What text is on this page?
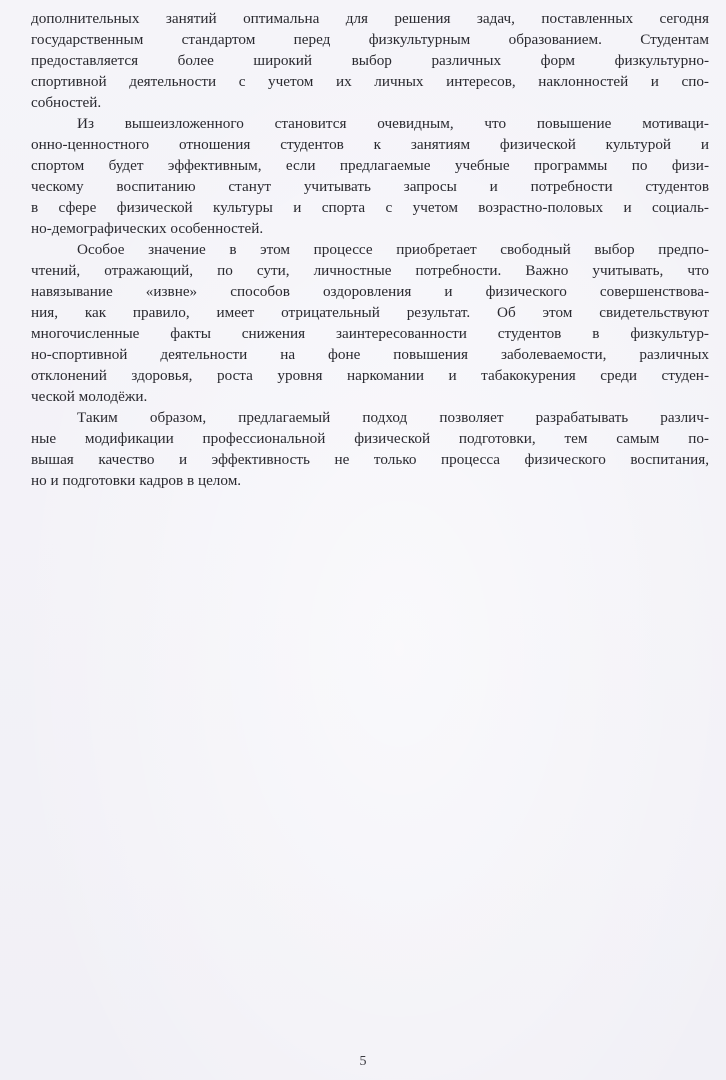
дополнительных занятий оптимальна для решения задач, поставленных сегодня
государственным стандартом перед физкультурным образованием. Студентам
предоставляется более широкий выбор различных форм физкультурно-
спортивной деятельности с учетом их личных интересов, наклонностей и спо-
собностей.
Из вышеизложенного становится очевидным, что повышение мотиваци-
онно-ценностного отношения студентов к занятиям физической культурой и
спортом будет эффективным, если предлагаемые учебные программы по физи-
ческому воспитанию станут учитывать запросы и потребности студентов
в сфере физической культуры и спорта с учетом возрастно-половых и социаль-
но-демографических особенностей.
Особое значение в этом процессе приобретает свободный выбор предпо-
чтений, отражающий, по сути, личностные потребности. Важно учитывать, что
навязывание «извне» способов оздоровления и физического совершенствова-
ния, как правило, имеет отрицательный результат. Об этом свидетельствуют
многочисленные факты снижения заинтересованности студентов в физкультур-
но-спортивной деятельности на фоне повышения заболеваемости, различных
отклонений здоровья, роста уровня наркомании и табакокурения среди студен-
ческой молодёжи.
Таким образом, предлагаемый подход позволяет разрабатывать различ-
ные модификации профессиональной физической подготовки, тем самым по-
вышая качество и эффективность не только процесса физического воспитания,
но и подготовки кадров в целом.
5
